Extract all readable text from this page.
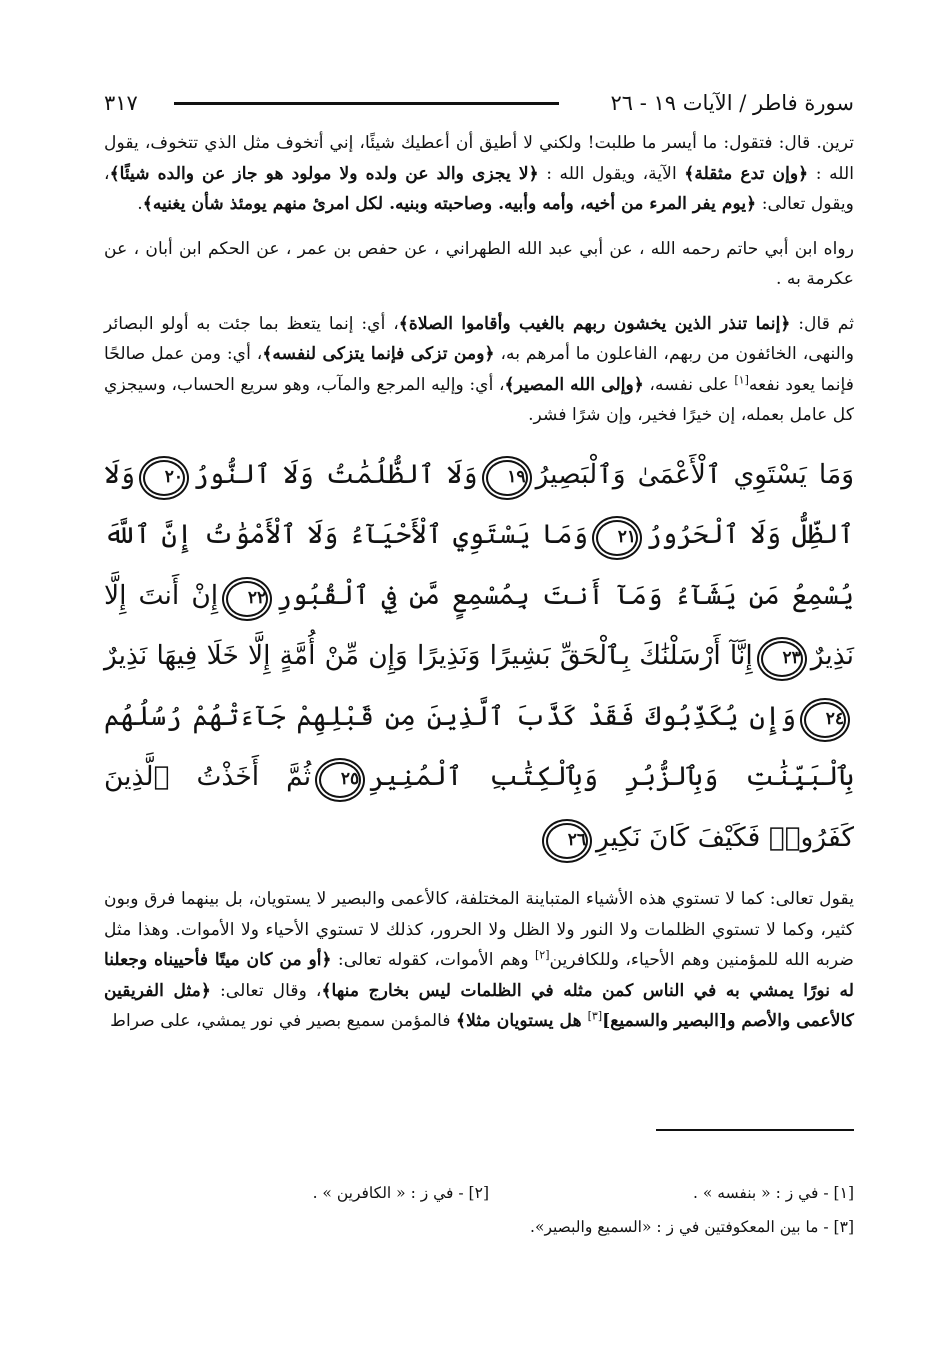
سورة فاطر / الآيات ١٩ - ٢٦
٣١٧

ترين. قال: فتقول: ما أيسر ما طلبت! ولكني لا أطيق أن أعطيك شيئًا، إني أتخوف مثل الذي تتخوف، يقول الله : ﴿وإن تدع مثقلة﴾ الآية، ويقول الله : ﴿لا يجزى والد عن ولده ولا مولود هو جاز عن والده شيئًا﴾، ويقول تعالى: ﴿يوم يفر المرء من أخيه، وأمه وأبيه. وصاحبته وبنيه. لكل امرئ منهم يومئذ شأن يغنيه﴾.

رواه ابن أبي حاتم رحمه الله ، عن أبي عبد الله الطهراني ، عن حفص بن عمر ، عن الحكم ابن أبان ، عن عكرمة به .

ثم قال: ﴿إنما تنذر الذين يخشون ربهم بالغيب وأقاموا الصلاة﴾، أي: إنما يتعظ بما جئت به أولو البصائر والنهى، الخائفون من ربهم، الفاعلون ما أمرهم به، ﴿ومن تزكى فإنما يتزكى لنفسه﴾، أي: ومن عمل صالحًا فإنما يعود نفعه[١] على نفسه، ﴿وإلى الله المصير﴾، أي: وإليه المرجع والمآب، وهو سريع الحساب، وسيجزي كل عامل بعمله، إن خيرًا فخير، وإن شرًا فشر.

وَمَا يَسْتَوِي ٱلْأَعْمَىٰ وَٱلْبَصِيرُ١٩وَلَا ٱلظُّلُمَٰتُ وَلَا ٱلنُّورُ٢٠وَلَا ٱلظِّلُّ وَلَا ٱلْحَرُورُ٢١وَمَا يَسْتَوِي ٱلْأَحْيَآءُ وَلَا ٱلْأَمْوَٰتُ إِنَّ ٱللَّهَ يُسْمِعُ مَن يَشَآءُ وَمَآ أَنتَ بِمُسْمِعٍ مَّن فِي ٱلْقُبُورِ٢٢إِنْ أَنتَ إِلَّا نَذِيرٌ٢٣إِنَّآ أَرْسَلْنَٰكَ بِٱلْحَقِّ بَشِيرًا وَنَذِيرًا وَإِن مِّنْ أُمَّةٍ إِلَّا خَلَا فِيهَا نَذِيرٌ٢٤وَإِن يُكَذِّبُوكَ فَقَدْ كَذَّبَ ٱلَّذِينَ مِن قَبْلِهِمْ جَآءَتْهُمْ رُسُلُهُم بِٱلْبَيِّنَٰتِ وَبِٱلزُّبُرِ وَبِٱلْكِتَٰبِ ٱلْمُنِيرِ٢٥ثُمَّ أَخَذْتُ ٱلَّذِينَ كَفَرُوا۟ فَكَيْفَ كَانَ نَكِيرِ٢٦

يقول تعالى: كما لا تستوي هذه الأشياء المتباينة المختلفة، كالأعمى والبصير لا يستويان، بل بينهما فرق وبون كثير، وكما لا تستوي الظلمات ولا النور ولا الظل ولا الحرور، كذلك لا تستوي الأحياء ولا الأموات. وهذا مثل ضربه الله للمؤمنين وهم الأحياء، وللكافرين[٢] وهم الأموات، كقوله تعالى: ﴿أو من كان ميتًا فأحييناه وجعلنا له نورًا يمشي به في الناس كمن مثله في الظلمات ليس بخارج منها﴾، وقال تعالى: ﴿مثل الفريقين كالأعمى والأصم و[البصير والسميع][٣] هل يستويان مثلا﴾ فالمؤمن سميع بصير في نور يمشي، على صراط

[١] - في ز : « بنفسه » .
[٢] - في ز : « الكافرين » .
[٣] - ما بين المعكوفتين في ز : «السميع والبصير».
